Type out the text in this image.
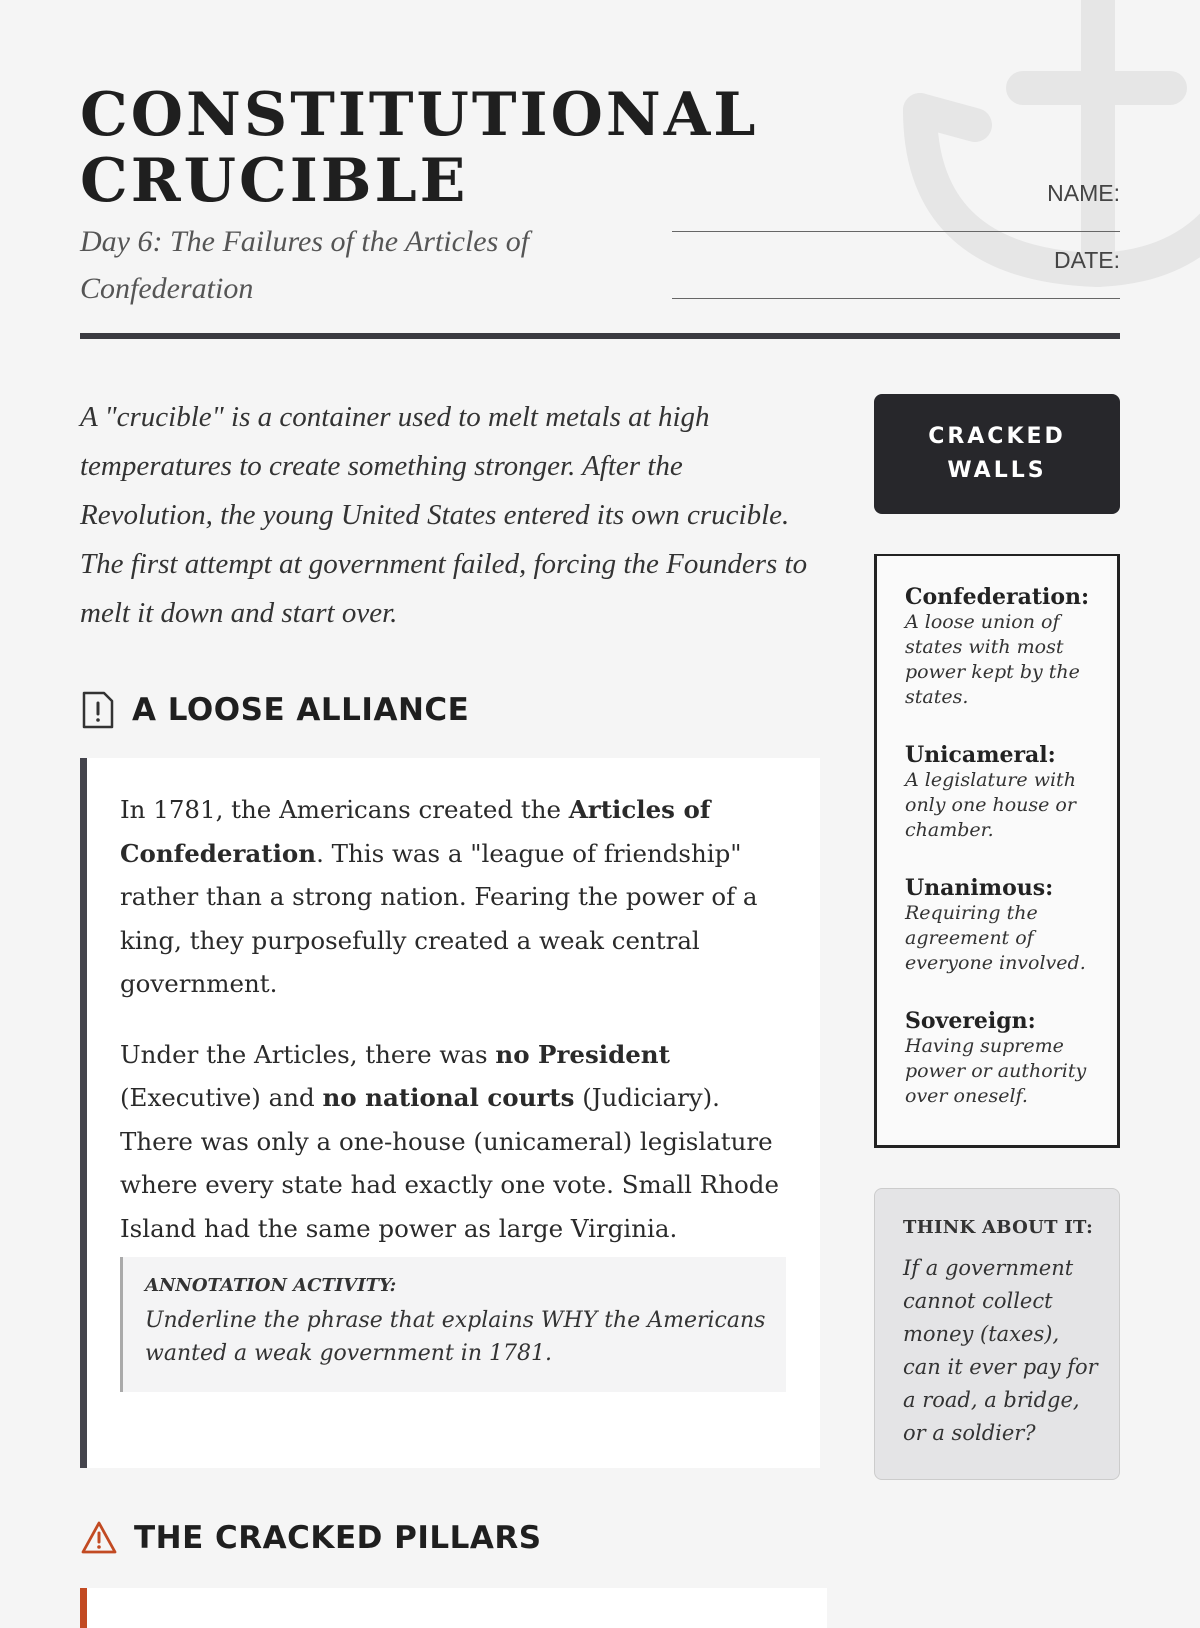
CONSTITUTIONAL
CRUCIBLE
Day 6: The Failures of the Articles of Confederation
NAME:
DATE:

A "crucible" is a container used to melt metals at high temperatures to create something stronger. After the Revolution, the young United States entered its own crucible. The first attempt at government failed, forcing the Founders to melt it down and start over.

A LOOSE ALLIANCE

In 1781, the Americans created the Articles of Confederation. This was a "league of friendship" rather than a strong nation. Fearing the power of a king, they purposefully created a weak central government.

Under the Articles, there was no President (Executive) and no national courts (Judiciary). There was only a one-house (unicameral) legislature where every state had exactly one vote. Small Rhode Island had the same power as large Virginia.

ANNOTATION ACTIVITY:
Underline the phrase that explains WHY the Americans wanted a weak government in 1781.
THE CRACKED PILLARS
CRACKED WALLS
Confederation:
A loose union of states with most power kept by the states.
Unicameral:
A legislature with only one house or chamber.
Unanimous:
Requiring the agreement of everyone involved.
Sovereign:
Having supreme power or authority over oneself.
THINK ABOUT IT:
If a government cannot collect money (taxes), can it ever pay for a road, a bridge, or a soldier?
